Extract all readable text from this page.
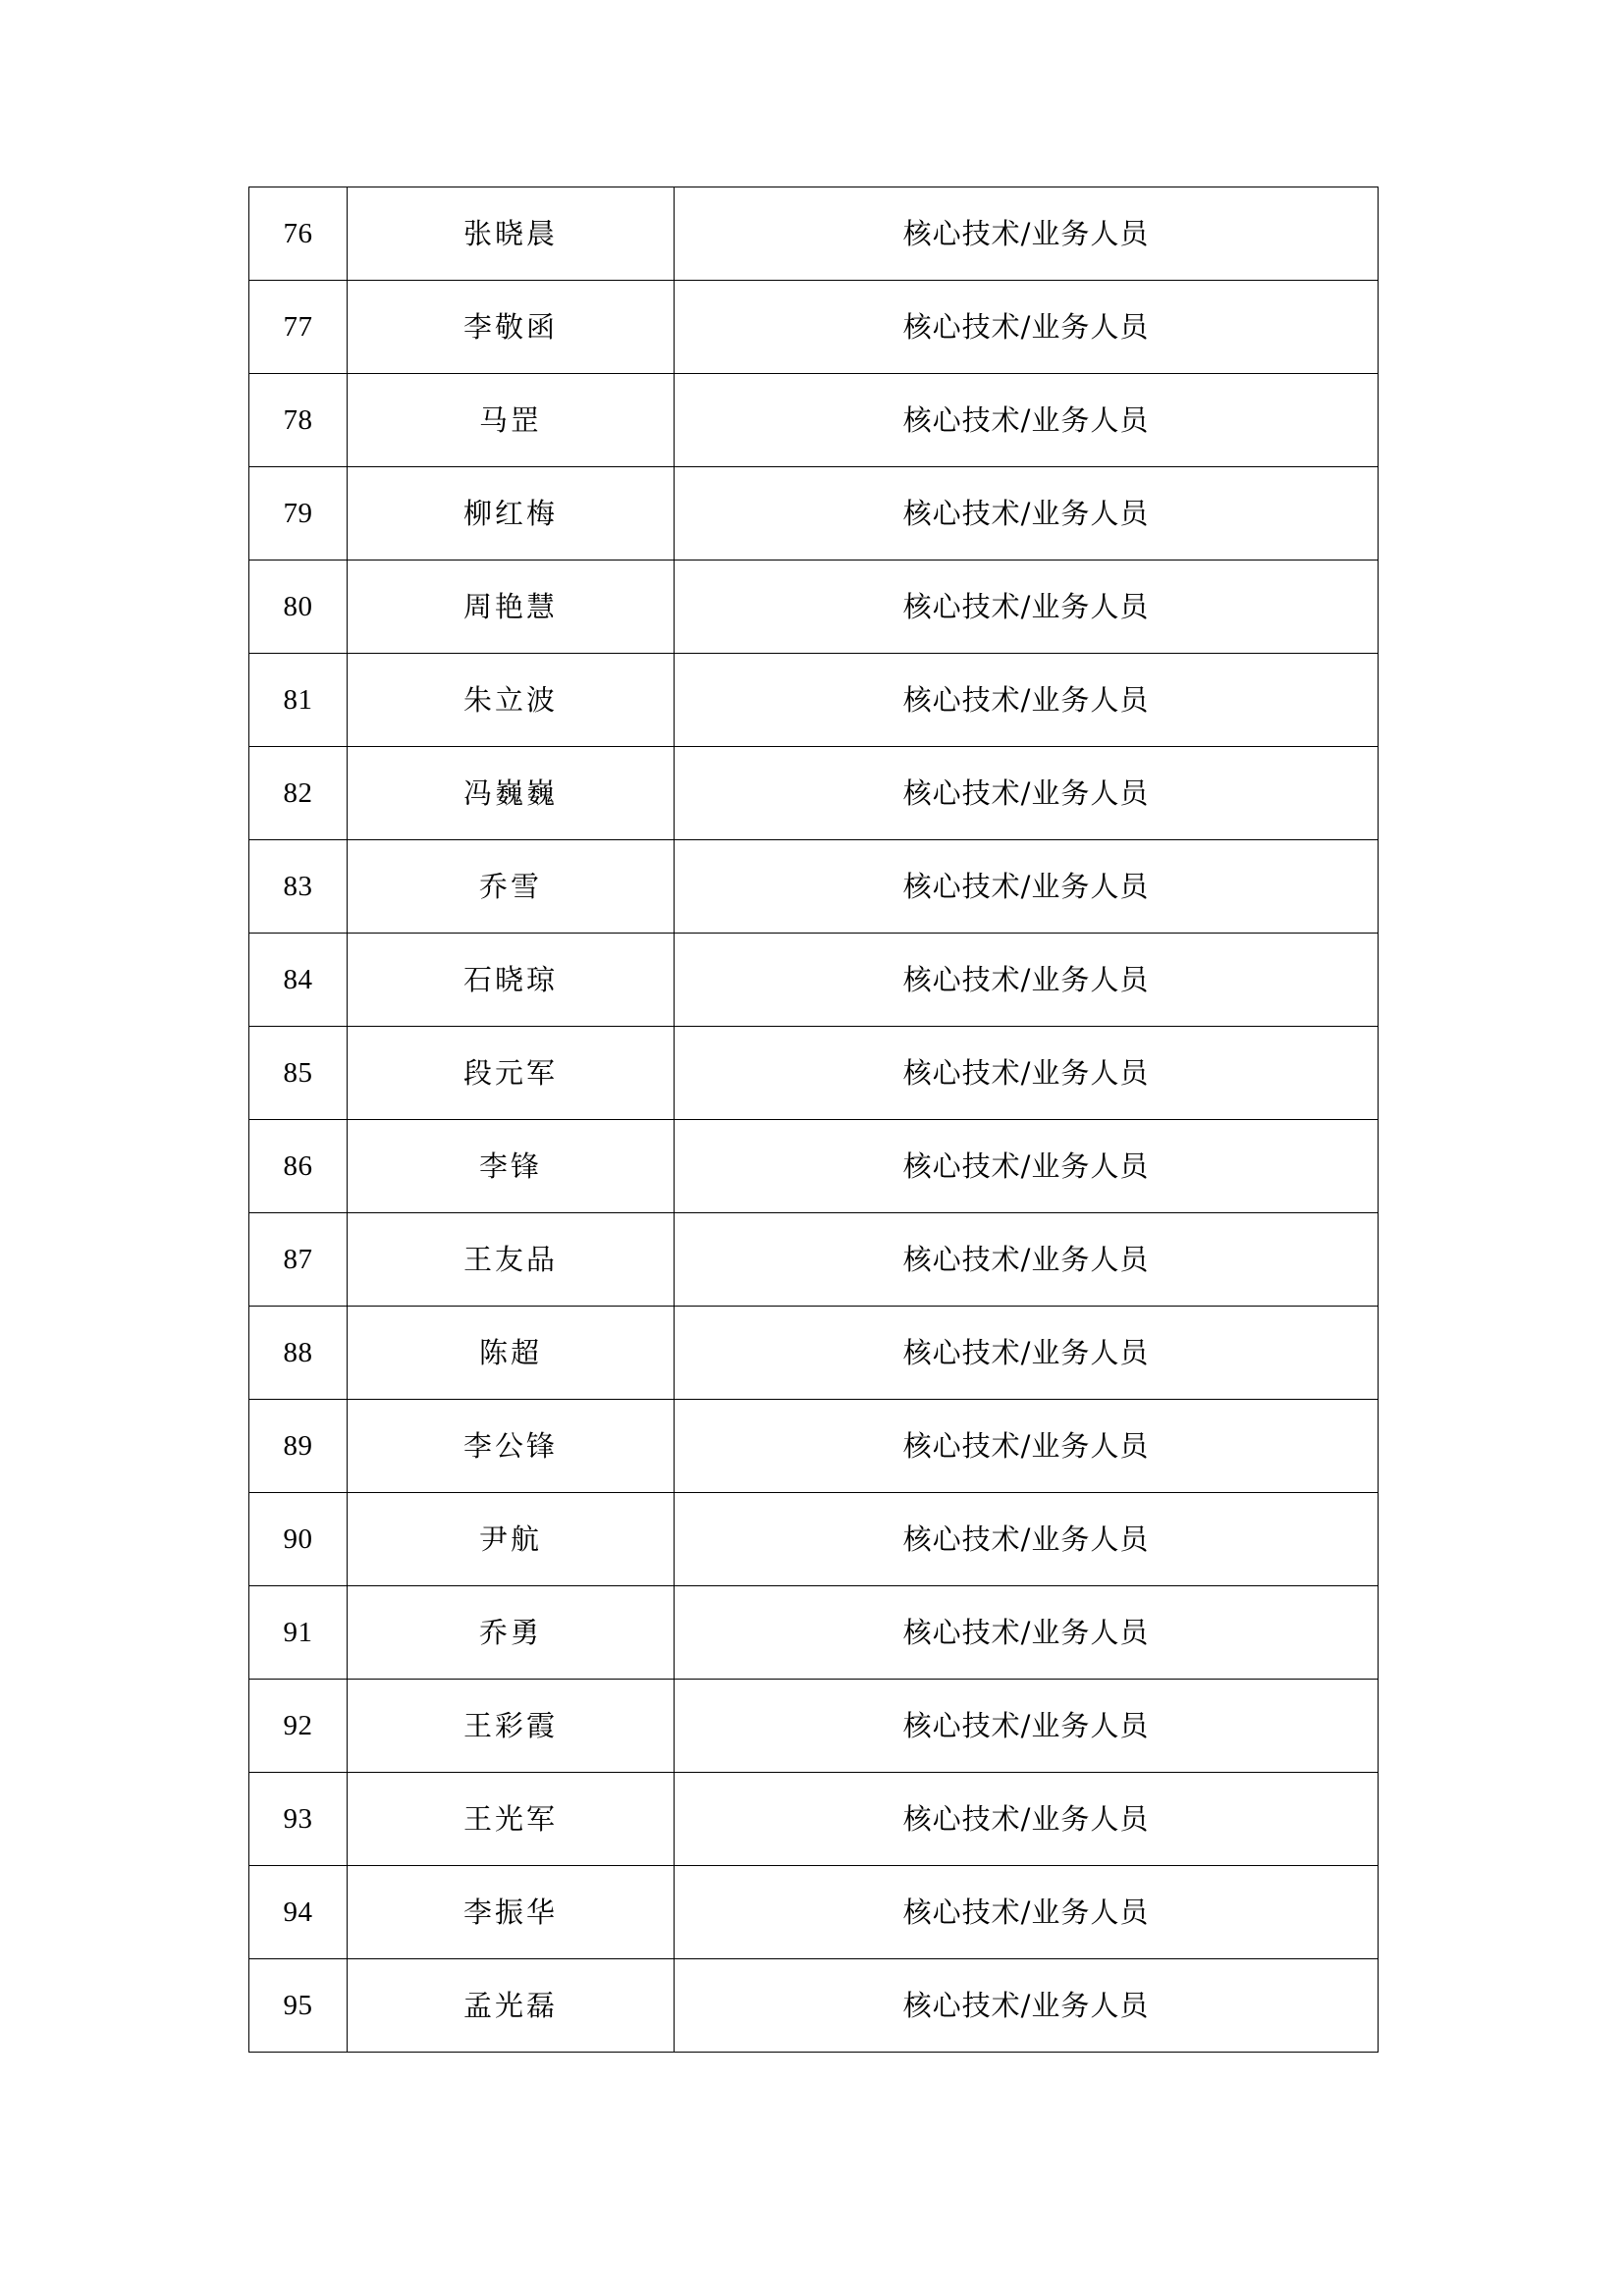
76	张晓晨	核心技术/业务人员
77	李敬函	核心技术/业务人员
78	马罡	核心技术/业务人员
79	柳红梅	核心技术/业务人员
80	周艳慧	核心技术/业务人员
81	朱立波	核心技术/业务人员
82	冯巍巍	核心技术/业务人员
83	乔雪	核心技术/业务人员
84	石晓琼	核心技术/业务人员
85	段元军	核心技术/业务人员
86	李锋	核心技术/业务人员
87	王友品	核心技术/业务人员
88	陈超	核心技术/业务人员
89	李公锋	核心技术/业务人员
90	尹航	核心技术/业务人员
91	乔勇	核心技术/业务人员
92	王彩霞	核心技术/业务人员
93	王光军	核心技术/业务人员
94	李振华	核心技术/业务人员
95	孟光磊	核心技术/业务人员
